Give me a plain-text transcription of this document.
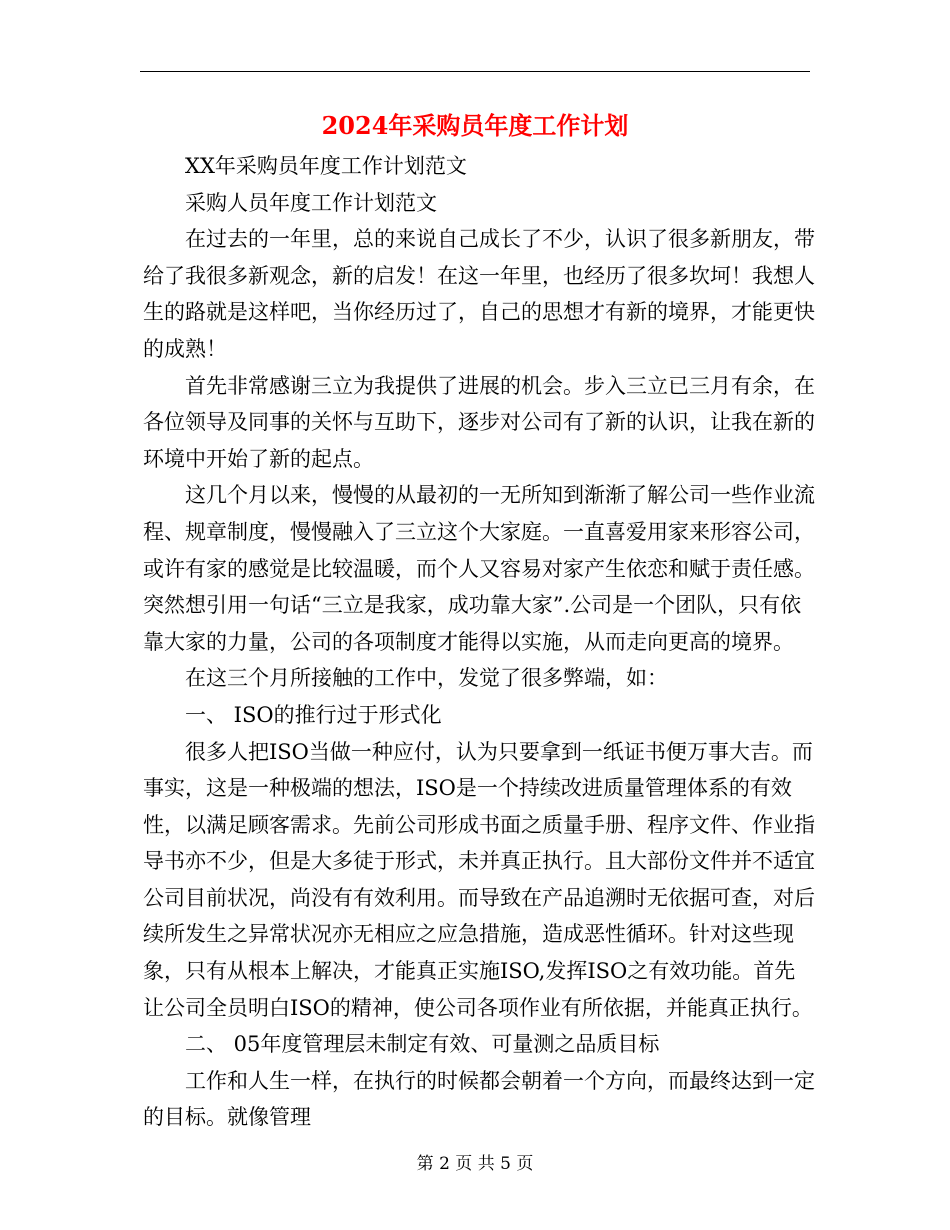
2024年采购员年度工作计划

XX年采购员年度工作计划范文

采购人员年度工作计划范文

在过去的一年里，总的来说自己成长了不少，认识了很多新朋友，带给了我很多新观念，新的启发！在这一年里，也经历了很多坎坷！我想人生的路就是这样吧，当你经历过了，自己的思想才有新的境界，才能更快的成熟！

首先非常感谢三立为我提供了进展的机会。步入三立已三月有余，在各位领导及同事的关怀与互助下，逐步对公司有了新的认识，让我在新的环境中开始了新的起点。

这几个月以来，慢慢的从最初的一无所知到渐渐了解公司一些作业流程、规章制度，慢慢融入了三立这个大家庭。一直喜爱用家来形容公司，或许有家的感觉是比较温暖，而个人又容易对家产生依恋和赋于责任感。突然想引用一句话“三立是我家，成功靠大家”.公司是一个团队，只有依靠大家的力量，公司的各项制度才能得以实施，从而走向更高的境界。

在这三个月所接触的工作中，发觉了很多弊端，如：

一、 ISO的推行过于形式化

很多人把ISO当做一种应付，认为只要拿到一纸证书便万事大吉。而事实，这是一种极端的想法，ISO是一个持续改进质量管理体系的有效性，以满足顾客需求。先前公司形成书面之质量手册、程序文件、作业指导书亦不少，但是大多徒于形式，未并真正执行。且大部份文件并不适宜公司目前状况，尚没有有效利用。而导致在产品追溯时无依据可查，对后续所发生之异常状况亦无相应之应急措施，造成恶性循环。针对这些现象，只有从根本上解决，才能真正实施ISO,发挥ISO之有效功能。首先让公司全员明白ISO的精神，使公司各项作业有所依据，并能真正执行。

二、 05年度管理层未制定有效、可量测之品质目标

工作和人生一样，在执行的时候都会朝着一个方向，而最终达到一定的目标。就像管理

第 2 页 共 5 页
